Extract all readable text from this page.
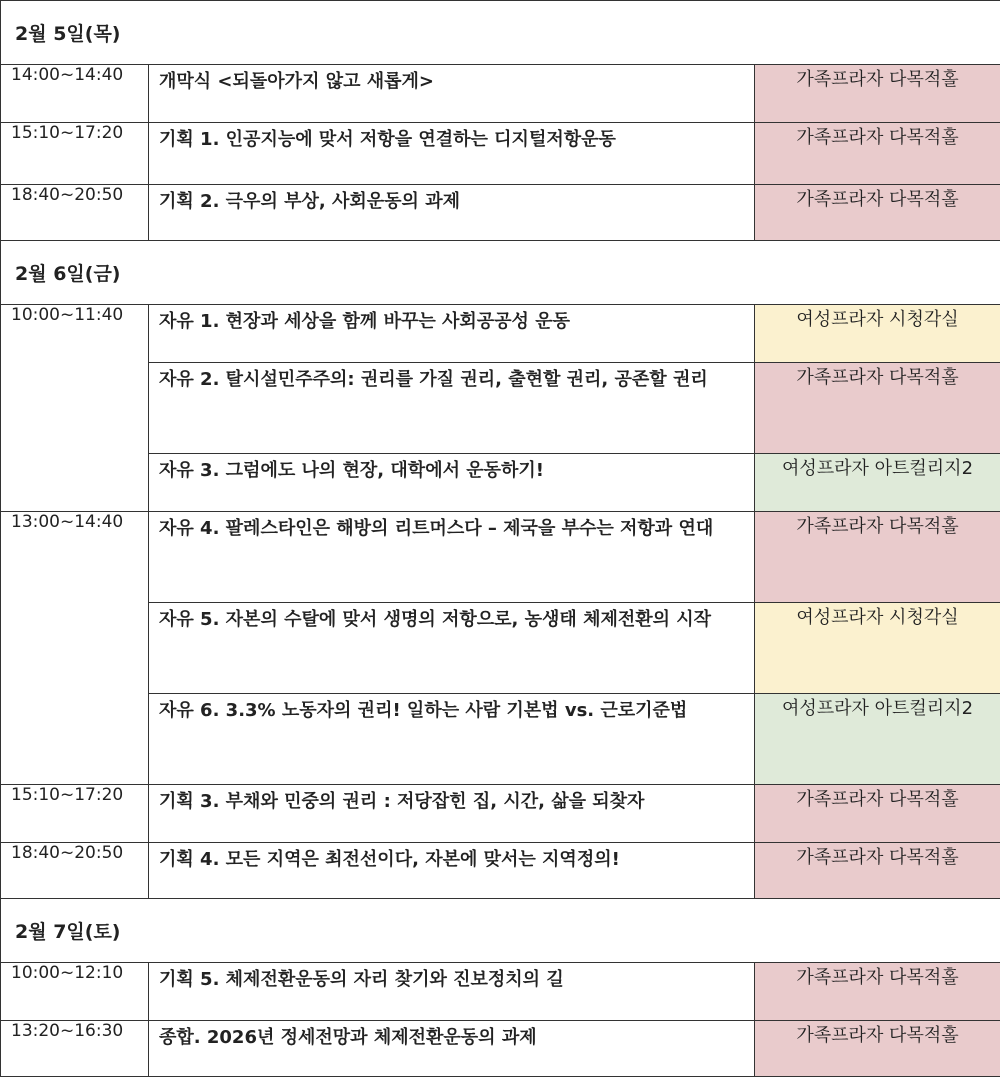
2월 5일(목)		
14:00~14:40	개막식 <되돌아가지 않고 새롭게>	가족프라자 다목적홀
15:10~17:20	기획 1. 인공지능에 맞서 저항을 연결하는 디지털저항운동	가족프라자 다목적홀
18:40~20:50	기획 2. 극우의 부상, 사회운동의 과제	가족프라자 다목적홀
2월 6일(금)		
10:00~11:40	자유 1. 현장과 세상을 함께 바꾸는 사회공공성 운동	여성프라자 시청각실
	자유 2. 탈시설민주주의: 권리를 가질 권리, 출현할 권리, 공존할 권리	가족프라자 다목적홀
	자유 3. 그럼에도 나의 현장, 대학에서 운동하기!	여성프라자 아트컬리지2
13:00~14:40	자유 4. 팔레스타인은 해방의 리트머스다 – 제국을 부수는 저항과 연대	가족프라자 다목적홀
	자유 5. 자본의 수탈에 맞서 생명의 저항으로, 농생태 체제전환의 시작	여성프라자 시청각실
	자유 6. 3.3% 노동자의 권리! 일하는 사람 기본법 vs. 근로기준법	여성프라자 아트컬리지2
15:10~17:20	기획 3. 부채와 민중의 권리 : 저당잡힌 집, 시간, 삶을 되찾자	가족프라자 다목적홀
18:40~20:50	기획 4. 모든 지역은 최전선이다, 자본에 맞서는 지역정의!	가족프라자 다목적홀
2월 7일(토)		
10:00~12:10	기획 5. 체제전환운동의 자리 찾기와 진보정치의 길	가족프라자 다목적홀
13:20~16:30	종합. 2026년 정세전망과 체제전환운동의 과제	가족프라자 다목적홀
